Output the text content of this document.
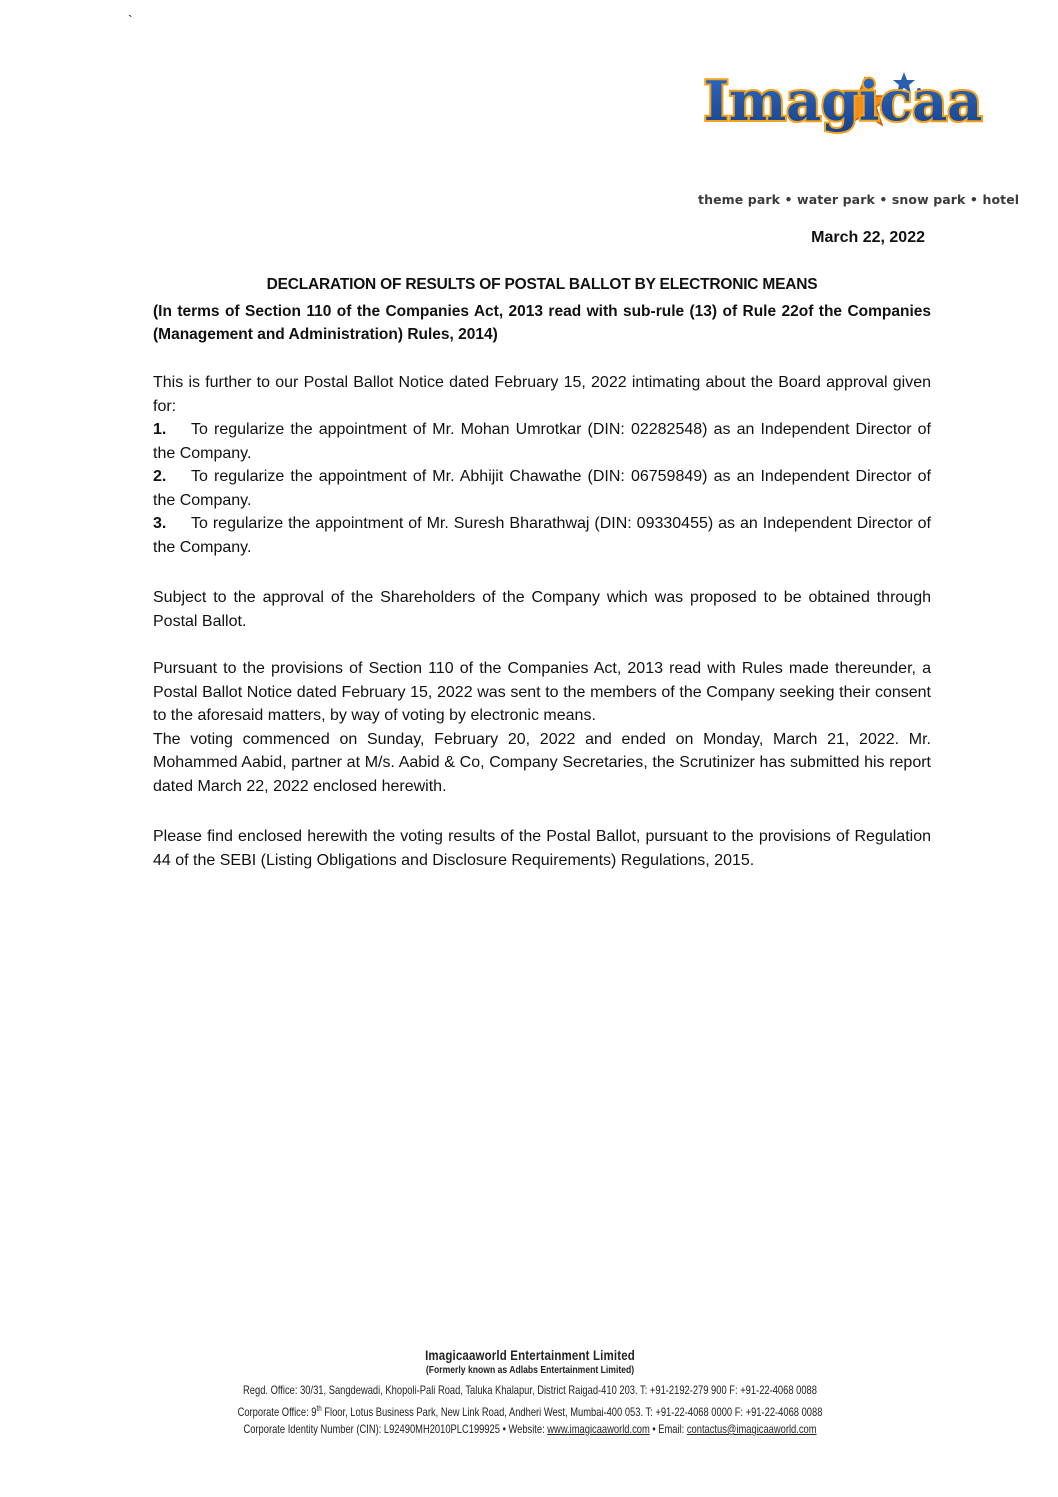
`
Imagicaa
theme park • water park • snow park • hotel
March 22, 2022
DECLARATION OF RESULTS OF POSTAL BALLOT BY ELECTRONIC MEANS
(In terms of Section 110 of the Companies Act, 2013 read with sub-rule (13) of Rule 22of the Companies (Management and Administration) Rules, 2014)

This is further to our Postal Ballot Notice dated February 15, 2022 intimating about the Board approval given for:

1. To regularize the appointment of Mr. Mohan Umrotkar (DIN: 02282548) as an Independent Director of the Company.

2. To regularize the appointment of Mr. Abhijit Chawathe (DIN: 06759849) as an Independent Director of the Company.

3. To regularize the appointment of Mr. Suresh Bharathwaj (DIN: 09330455) as an Independent Director of the Company.

Subject to the approval of the Shareholders of the Company which was proposed to be obtained through Postal Ballot.

Pursuant to the provisions of Section 110 of the Companies Act, 2013 read with Rules made thereunder, a Postal Ballot Notice dated February 15, 2022 was sent to the members of the Company seeking their consent to the aforesaid matters, by way of voting by electronic means.

The voting commenced on Sunday, February 20, 2022 and ended on Monday, March 21, 2022. Mr. Mohammed Aabid, partner at M/s. Aabid & Co, Company Secretaries, the Scrutinizer has submitted his report dated March 22, 2022 enclosed herewith.

Please find enclosed herewith the voting results of the Postal Ballot, pursuant to the provisions of Regulation 44 of the SEBI (Listing Obligations and Disclosure Requirements) Regulations, 2015.

Imagicaaworld Entertainment Limited
(Formerly known as Adlabs Entertainment Limited)
Regd. Office: 30/31, Sangdewadi, Khopoli-Pali Road, Taluka Khalapur, District Raigad-410 203. T: +91-2192-279 900 F: +91-22-4068 0088
Corporate Office: 9th Floor, Lotus Business Park, New Link Road, Andheri West, Mumbai-400 053. T: +91-22-4068 0000 F: +91-22-4068 0088
Corporate Identity Number (CIN): L92490MH2010PLC199925 • Website: www.imagicaaworld.com • Email: contactus@imagicaaworld.com
